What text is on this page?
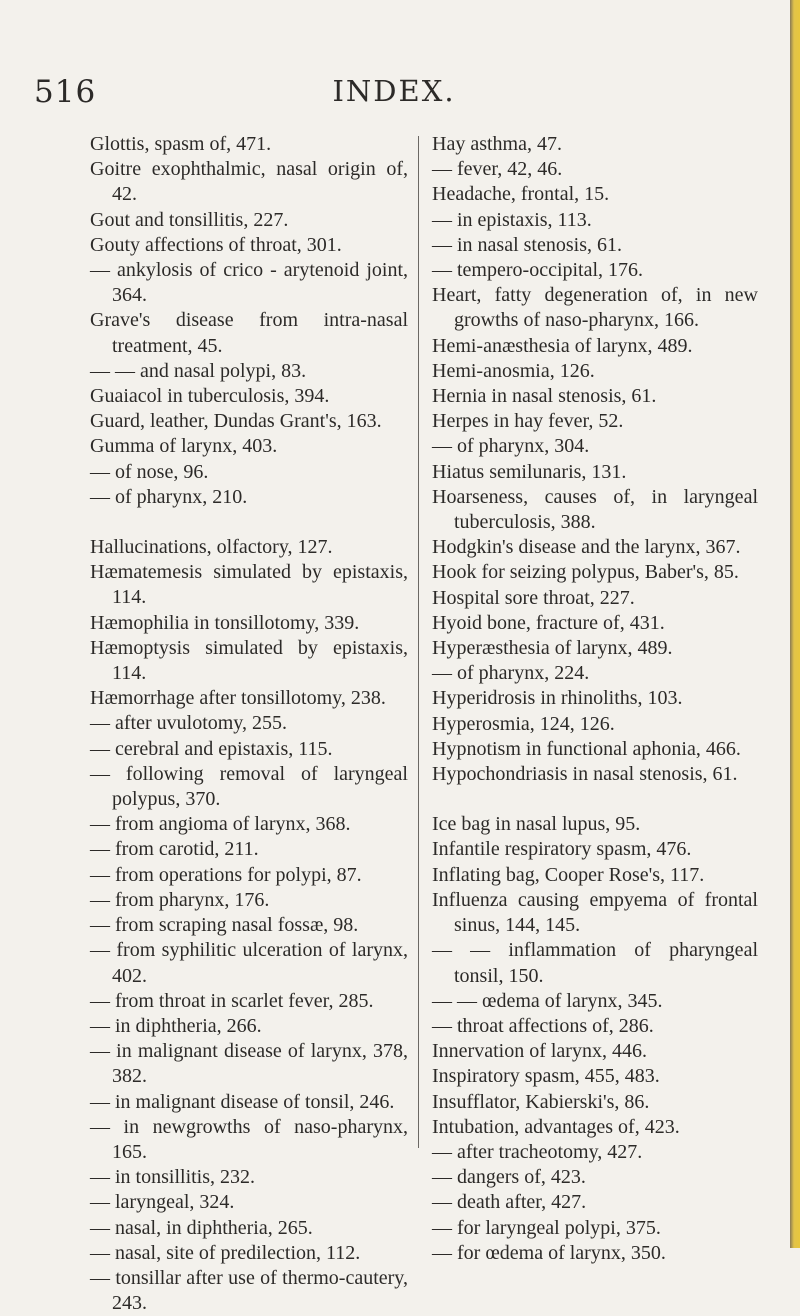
516	INDEX.
Glottis, spasm of, 471.
Goitre exophthalmic, nasal origin of, 42.
Gout and tonsillitis, 227.
Gouty affections of throat, 301.
— ankylosis of crico - arytenoid joint, 364.
Grave's disease from intra-nasal treatment, 45.
— — and nasal polypi, 83.
Guaiacol in tuberculosis, 394.
Guard, leather, Dundas Grant's, 163.
Gumma of larynx, 403.
— of nose, 96.
— of pharynx, 210.
Hallucinations, olfactory, 127.
Hæmatemesis simulated by epistaxis, 114.
Hæmophilia in tonsillotomy, 339.
Hæmoptysis simulated by epistaxis, 114.
Hæmorrhage after tonsillotomy, 238.
— after uvulotomy, 255.
— cerebral and epistaxis, 115.
— following removal of laryngeal polypus, 370.
— from angioma of larynx, 368.
— from carotid, 211.
— from operations for polypi, 87.
— from pharynx, 176.
— from scraping nasal fossæ, 98.
— from syphilitic ulceration of larynx, 402.
— from throat in scarlet fever, 285.
— in diphtheria, 266.
— in malignant disease of larynx, 378, 382.
— in malignant disease of tonsil, 246.
— in newgrowths of naso-pharynx, 165.
— in tonsillitis, 232.
— laryngeal, 324.
— nasal, in diphtheria, 265.
— nasal, site of predilection, 112.
— tonsillar after use of thermo-cautery, 243.
Hay asthma, 47.
— fever, 42, 46.
Headache, frontal, 15.
— in epistaxis, 113.
— in nasal stenosis, 61.
— tempero-occipital, 176.
Heart, fatty degeneration of, in new growths of naso-pharynx, 166.
Hemi-anæsthesia of larynx, 489.
Hemi-anosmia, 126.
Hernia in nasal stenosis, 61.
Herpes in hay fever, 52.
— of pharynx, 304.
Hiatus semilunaris, 131.
Hoarseness, causes of, in laryngeal tuberculosis, 388.
Hodgkin's disease and the larynx, 367.
Hook for seizing polypus, Baber's, 85.
Hospital sore throat, 227.
Hyoid bone, fracture of, 431.
Hyperæsthesia of larynx, 489.
— of pharynx, 224.
Hyperidrosis in rhinoliths, 103.
Hyperosmia, 124, 126.
Hypnotism in functional aphonia, 466.
Hypochondriasis in nasal stenosis, 61.
Ice bag in nasal lupus, 95.
Infantile respiratory spasm, 476.
Inflating bag, Cooper Rose's, 117.
Influenza causing empyema of frontal sinus, 144, 145.
— — inflammation of pharyngeal tonsil, 150.
— — œdema of larynx, 345.
— throat affections of, 286.
Innervation of larynx, 446.
Inspiratory spasm, 455, 483.
Insufflator, Kabierski's, 86.
Intubation, advantages of, 423.
— after tracheotomy, 427.
— dangers of, 423.
— death after, 427.
— for laryngeal polypi, 375.
— for œdema of larynx, 350.
